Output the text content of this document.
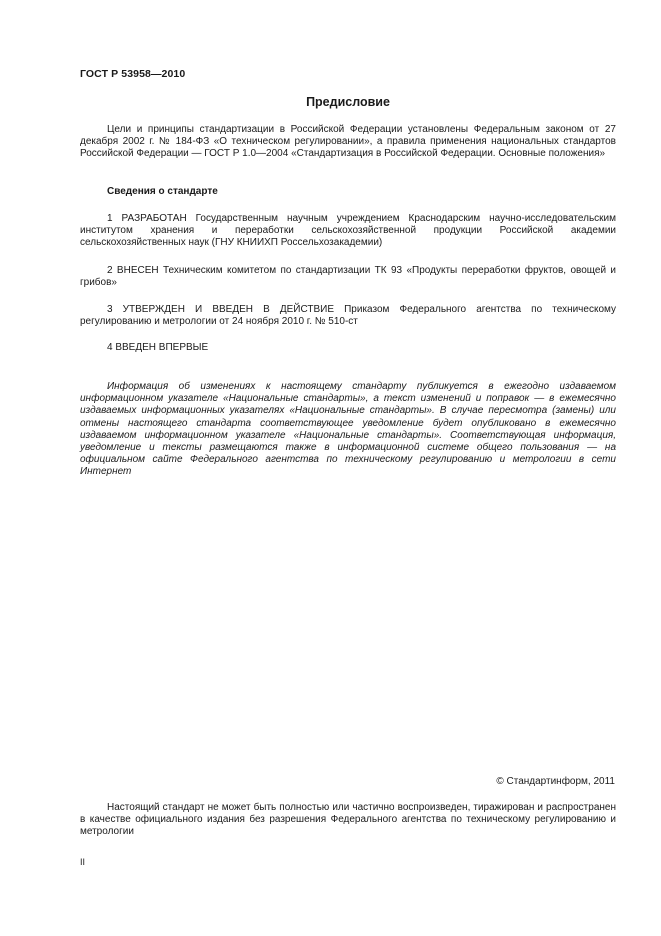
ГОСТ Р 53958—2010
Предисловие

Цели и принципы стандартизации в Российской Федерации установлены Федеральным законом от 27 декабря 2002 г. № 184-ФЗ «О техническом регулировании», а правила применения национальных стандартов Российской Федерации — ГОСТ Р 1.0—2004 «Стандартизация в Российской Федерации. Основные положения»

Сведения о стандарте

1 РАЗРАБОТАН Государственным научным учреждением Краснодарским научно-исследовательским институтом хранения и переработки сельскохозяйственной продукции Российской академии сельскохозяйственных наук (ГНУ КНИИХП Россельхозакадемии)

2 ВНЕСЕН Техническим комитетом по стандартизации ТК 93 «Продукты переработки фруктов, овощей и грибов»

3 УТВЕРЖДЕН И ВВЕДЕН В ДЕЙСТВИЕ Приказом Федерального агентства по техническому регулированию и метрологии от 24 ноября 2010 г. № 510-ст

4 ВВЕДЕН ВПЕРВЫЕ

Информация об изменениях к настоящему стандарту публикуется в ежегодно издаваемом информационном указателе «Национальные стандарты», а текст изменений и поправок — в ежемесячно издаваемых информационных указателях «Национальные стандарты». В случае пересмотра (замены) или отмены настоящего стандарта соответствующее уведомление будет опубликовано в ежемесячно издаваемом информационном указателе «Национальные стандарты». Соответствующая информация, уведомление и тексты размещаются также в информационной системе общего пользования — на официальном сайте Федерального агентства по техническому регулированию и метрологии в сети Интернет

© Стандартинформ, 2011

Настоящий стандарт не может быть полностью или частично воспроизведен, тиражирован и распространен в качестве официального издания без разрешения Федерального агентства по техническому регулированию и метрологии

II
